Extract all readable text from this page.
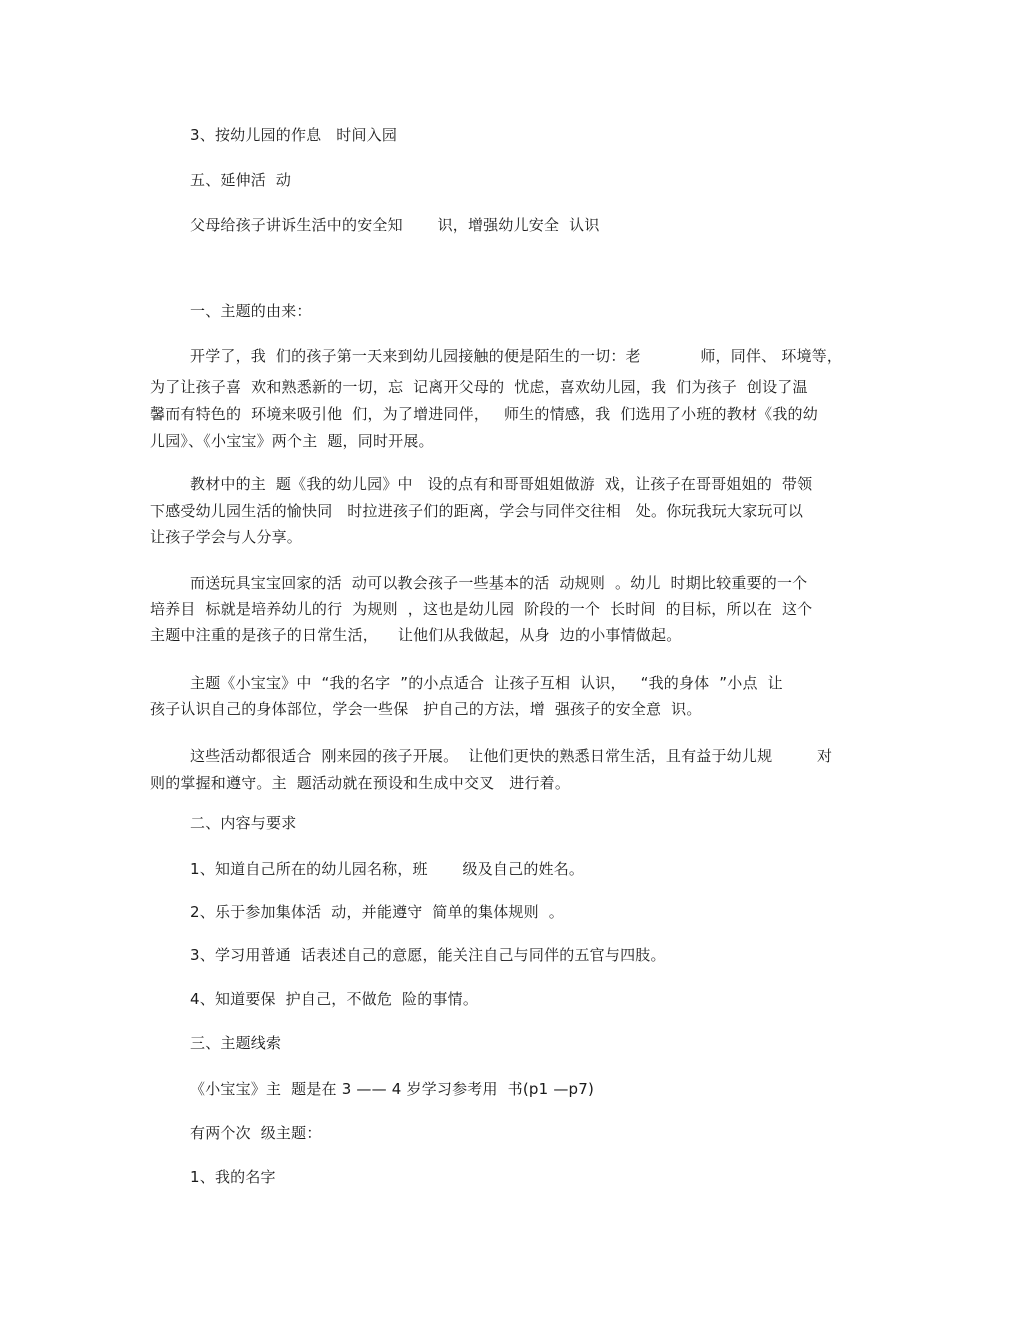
3、按幼儿园的作息   时间入园
五、延伸活  动
父母给孩子讲诉生活中的安全知       识，增强幼儿安全  认识
一、主题的由来：
开学了，我  们的孩子第一天来到幼儿园接触的便是陌生的一切：老            师，同伴、 环境等，
为了让孩子喜  欢和熟悉新的一切，忘  记离开父母的  忧虑，喜欢幼儿园，我  们为孩子  创设了温
馨而有特色的  环境来吸引他  们，为了增进同伴，   师生的情感，我  们选用了小班的教材《我的幼
儿园》、《小宝宝》两个主  题，同时开展。
教材中的主  题《我的幼儿园》中   设的点有和哥哥姐姐做游  戏，让孩子在哥哥姐姐的  带领
下感受幼儿园生活的愉快同   时拉进孩子们的距离，学会与同伴交往相   处。你玩我玩大家玩可以
让孩子学会与人分享。
而送玩具宝宝回家的活  动可以教会孩子一些基本的活  动规则  。幼儿  时期比较重要的一个
培养目  标就是培养幼儿的行  为规则  ，这也是幼儿园  阶段的一个  长时间  的目标，所以在  这个
主题中注重的是孩子的日常生活，    让他们从我做起，从身  边的小事情做起。
主题《小宝宝》中  “我的名字  ”的小点适合  让孩子互相  认识，   “我的身体  ”小点  让
孩子认识自己的身体部位，学会一些保   护自己的方法，增  强孩子的安全意  识。
这些活动都很适合  刚来园的孩子开展。  让他们更快的熟悉日常生活，且有益于幼儿规         对
则的掌握和遵守。主  题活动就在预设和生成中交叉   进行着。
二、内容与要求
1、知道自己所在的幼儿园名称，班       级及自己的姓名。
2、乐于参加集体活  动，并能遵守  简单的集体规则  。
3、学习用普通  话表述自己的意愿，能关注自己与同伴的五官与四肢。
4、知道要保  护自己，不做危  险的事情。
三、主题线索
《小宝宝》主  题是在 3 —— 4 岁学习参考用  书(p1 —p7)
有两个次  级主题：
1、我的名字
